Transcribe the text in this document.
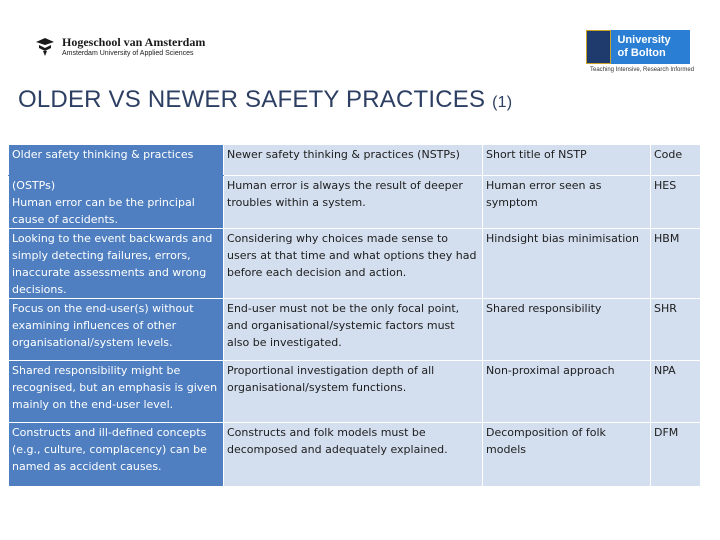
Hogeschool van Amsterdam
Amsterdam University of Applied Sciences
University
of Bolton
Teaching Intensive, Research Informed
OLDER VS NEWER SAFETY PRACTICES (1)
Older safety thinking & practices	Newer safety thinking & practices (NSTPs)	Short title of NSTP	Code

(OSTPs)
Human error can be the principal cause of accidents.	Human error is always the result of deeper troubles within a system.	Human error seen as symptom	HES
Looking to the event backwards and simply detecting failures, errors, inaccurate assessments and wrong decisions.	Considering why choices made sense to users at that time and what options they had before each decision and action.	Hindsight bias minimisation	HBM
Focus on the end-user(s) without examining influences of other organisational/system levels.	End-user must not be the only focal point, and organisational/systemic factors must also be investigated.	Shared responsibility	SHR
Shared responsibility might be recognised, but an emphasis is given mainly on the end-user level.	Proportional investigation depth of all organisational/system functions.	Non-proximal approach	NPA
Constructs and ill-defined concepts (e.g., culture, complacency) can be named as accident causes.	Constructs and folk models must be decomposed and adequately explained.	Decomposition of folk models	DFM
